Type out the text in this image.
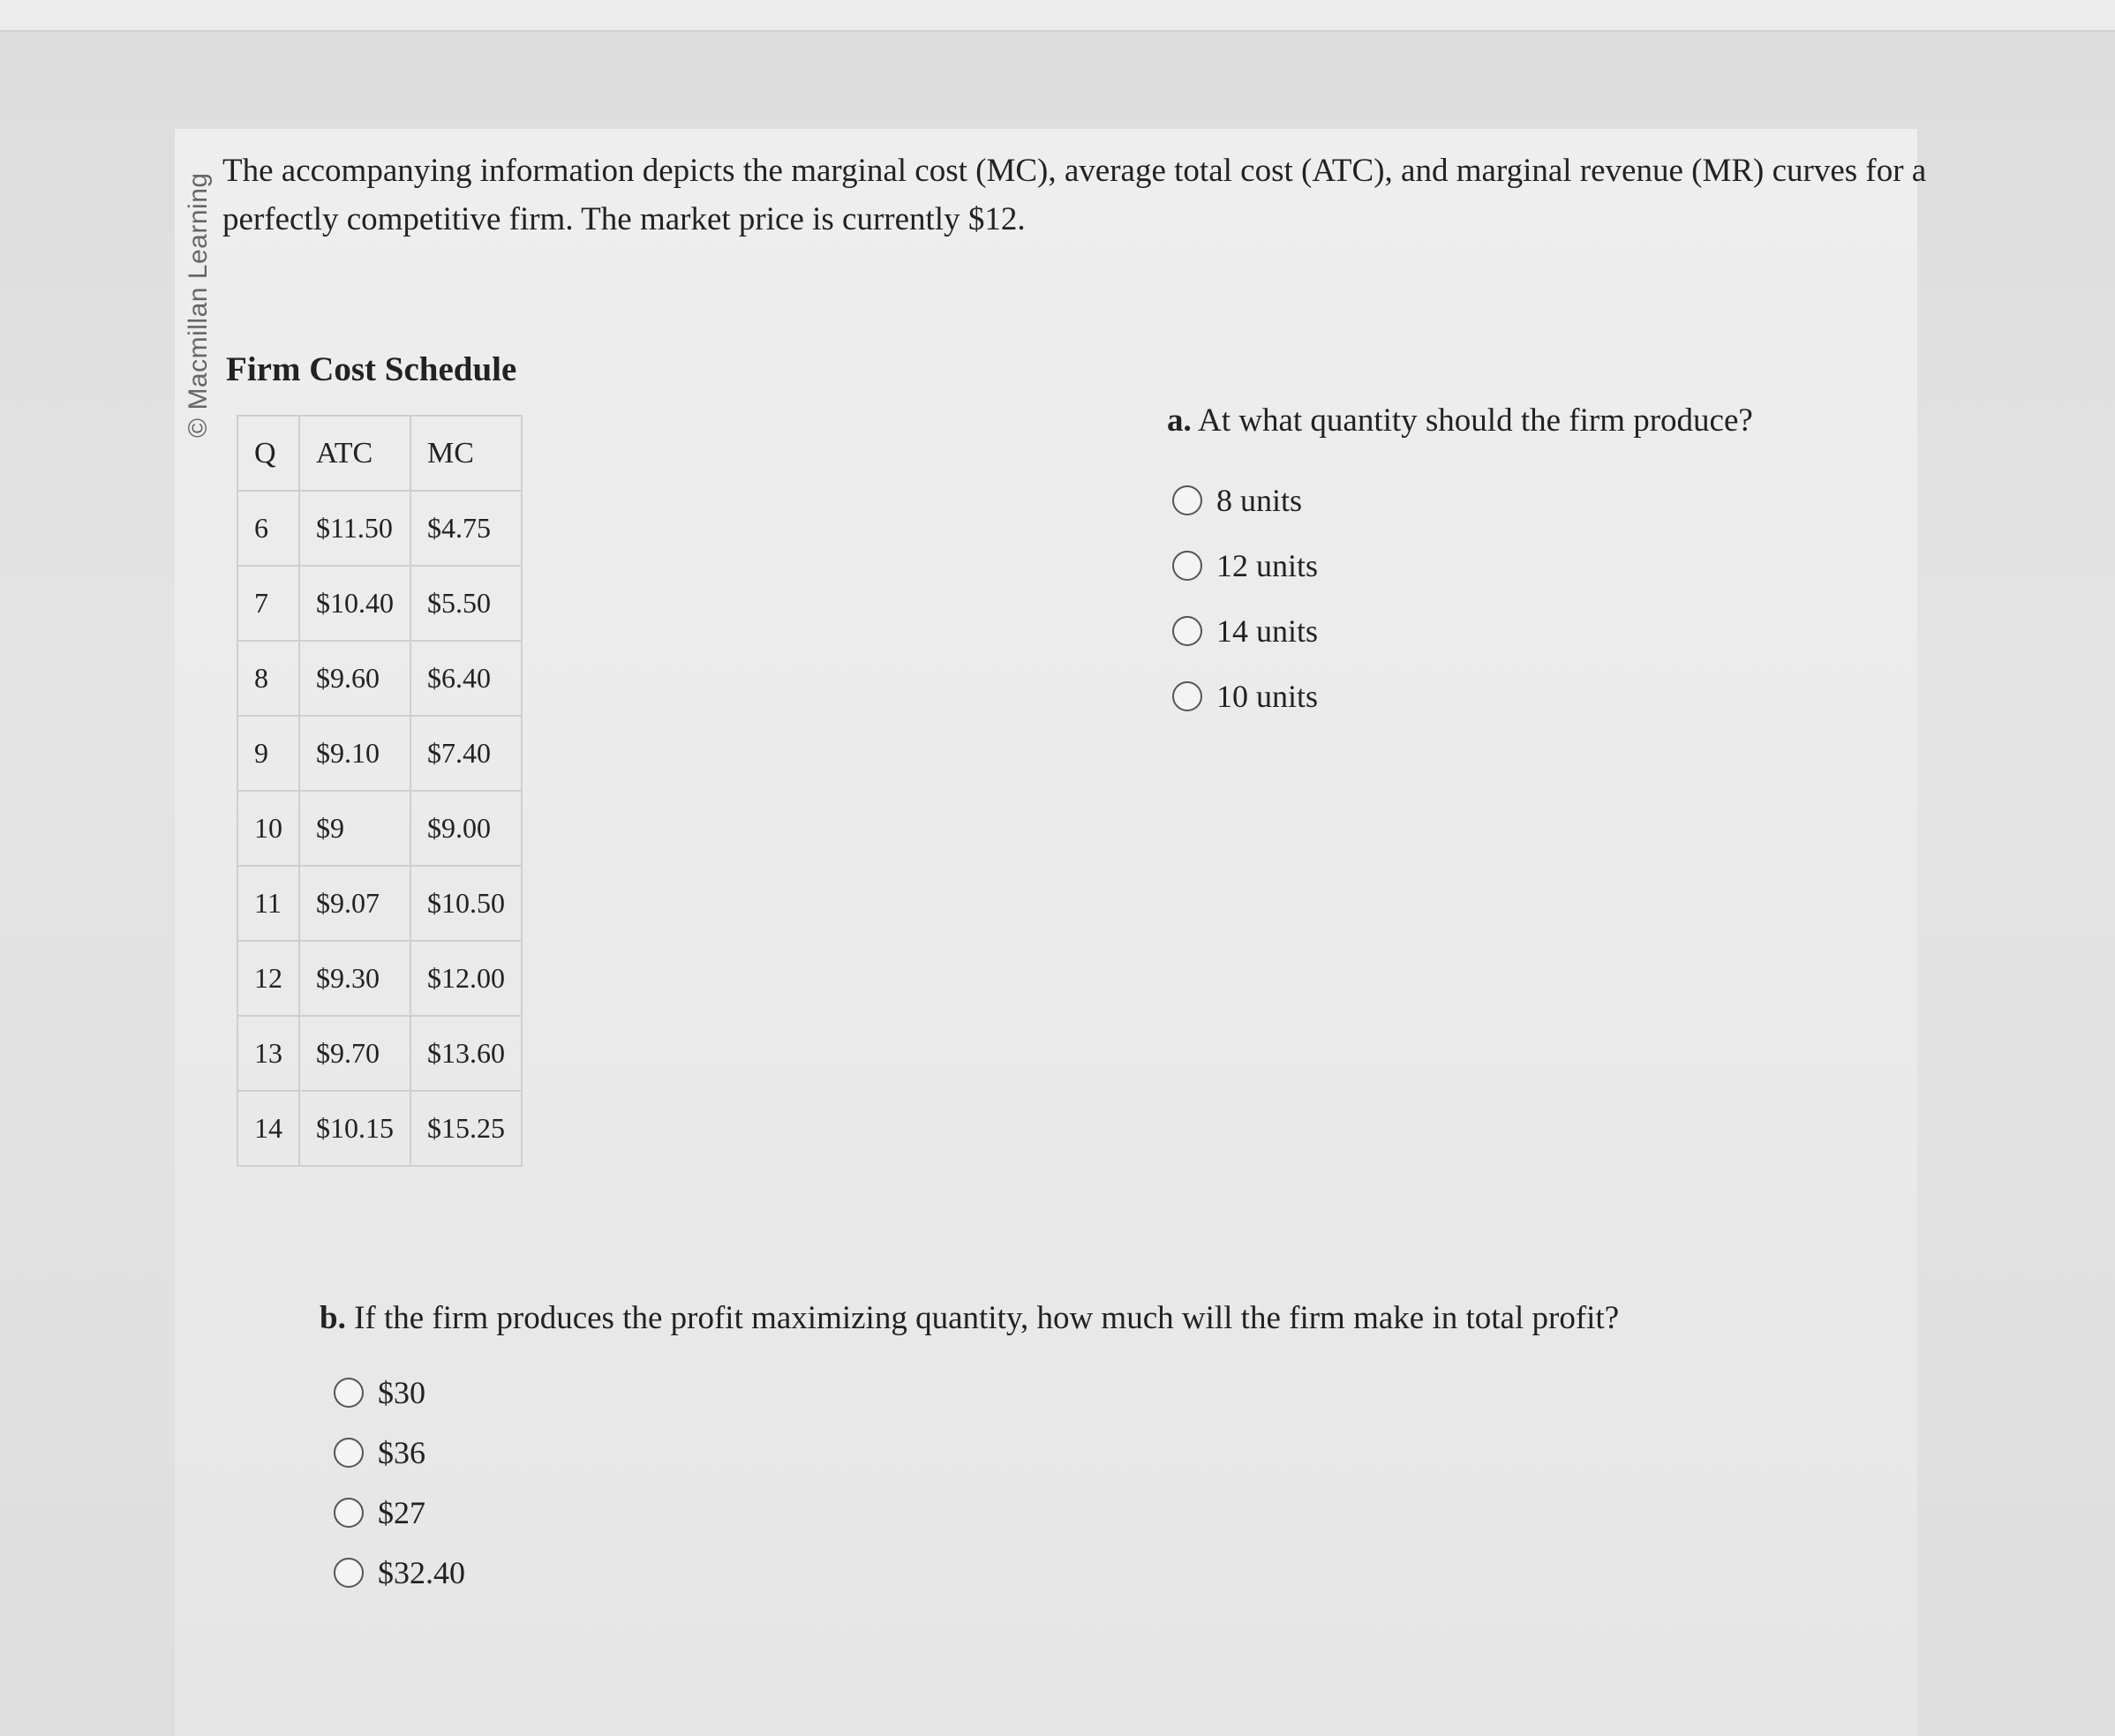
© Macmillan Learning
The accompanying information depicts the marginal cost (MC), average total cost (ATC), and marginal revenue (MR) curves for a perfectly competitive firm. The market price is currently $12.
Firm Cost Schedule
Q	ATC	MC
6	$11.50	$4.75
7	$10.40	$5.50
8	$9.60	$6.40
9	$9.10	$7.40
10	$9	$9.00
11	$9.07	$10.50
12	$9.30	$12.00
13	$9.70	$13.60
14	$10.15	$15.25
a. At what quantity should the firm produce?
8 units
12 units
14 units
10 units
b. If the firm produces the profit maximizing quantity, how much will the firm make in total profit?
$30
$36
$27
$32.40
